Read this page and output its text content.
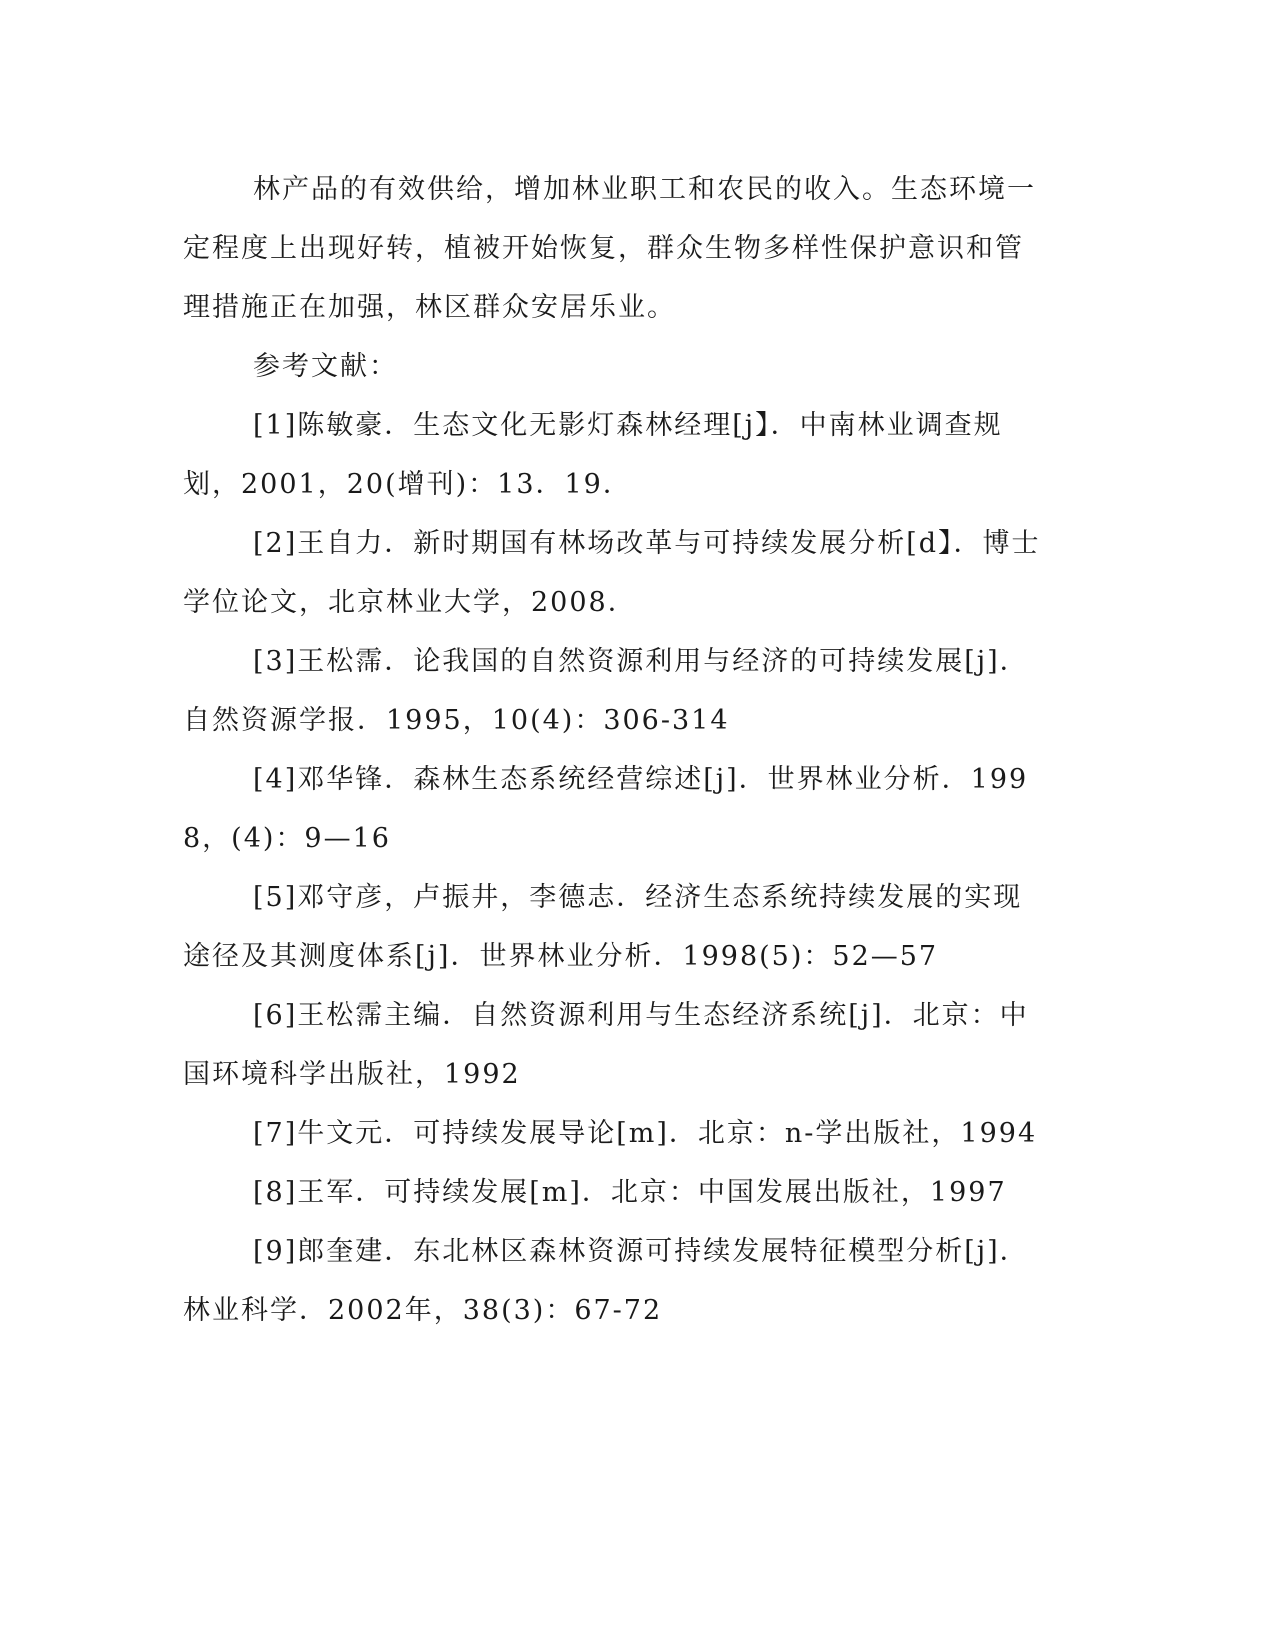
林产品的有效供给，增加林业职工和农民的收入。生态环境一定程度上出现好转，植被开始恢复，群众生物多样性保护意识和管理措施正在加强，林区群众安居乐业。

参考文献：

[1]陈敏豪．生态文化无影灯森林经理[j】．中南林业调查规划，2001，20(增刊)：13．19．

[2]王自力．新时期国有林场改革与可持续发展分析[d】．博士学位论文，北京林业大学，2008．

[3]王松霈．论我国的自然资源利用与经济的可持续发展[j]．自然资源学报．1995，10(4)：306-314

[4]邓华锋．森林生态系统经营综述[j]．世界林业分析．1998，(4)：9—16

[5]邓守彦，卢振井，李德志．经济生态系统持续发展的实现途径及其测度体系[j]．世界林业分析．1998(5)：52—57

[6]王松霈主编．自然资源利用与生态经济系统[j]．北京：中国环境科学出版社，1992

[7]牛文元．可持续发展导论[m]．北京：n-学出版社，1994

[8]王军．可持续发展[m]．北京：中国发展出版社，1997

[9]郎奎建．东北林区森林资源可持续发展特征模型分析[j]．林业科学．2002年，38(3)：67-72
